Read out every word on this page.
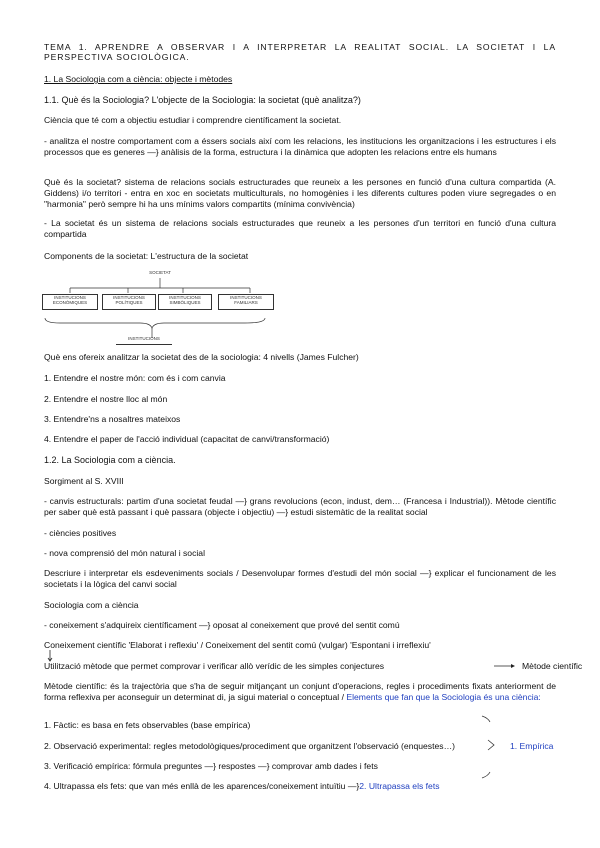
TEMA 1. APRENDRE A OBSERVAR I A INTERPRETAR LA REALITAT SOCIAL. LA SOCIETAT I LA PERSPECTIVA SOCIOLÒGICA.
1. La Sociologia com a ciència: objecte i mètodes
1.1. Què és la Sociologia? L'objecte de la Sociologia: la societat (què analitza?)
Ciència que té com a objectiu estudiar i comprendre científicament la societat.
- analitza el nostre comportament com a éssers socials així com les relacions, les institucions les organitzacions i les estructures i els processos que es generes —} anàlisis de la forma, estructura i la dinàmica que adopten les relacions entre els humans
Què és la societat? sistema de relacions socials estructurades que reuneix a les persones en funció d'una cultura compartida (A. Giddens) i/o territori - entra en xoc en societats multiculturals, no homogènies i les diferents cultures poden viure segregades o en "harmonia" però sempre hi ha uns mínims valors compartits (mínima convivència)
- La societat és un sistema de relacions socials estructurades que reuneix a les persones d'un territori en funció d'una cultura compartida
Components de la societat: L'estructura de la societat
SOCIETAT
INSTITUCIONS ECONÒMIQUES
INSTITUCIONS POLÍTIQUES
INSTITUCIONS SIMBÒLIQUES
INSTITUCIONS FAMILIARS
INSTITUCIONS
Què ens ofereix analitzar la societat des de la sociologia: 4 nivells (James Fulcher)
1. Entendre el nostre món: com és i com canvia
2. Entendre el nostre lloc al món
3. Entendre'ns a nosaltres mateixos
4. Entendre el paper de l'acció individual (capacitat de canvi/transformació)
1.2. La Sociologia com a ciència.
Sorgiment al S. XVIII
- canvis estructurals: partim d'una societat feudal —} grans revolucions (econ, indust, dem… (Francesa i Industrial)). Mètode científic per saber què està passant i què passara (objecte i objectiu) —} estudi sistemàtic de la realitat social
- ciències positives
- nova comprensió del món natural i social
Descriure i interpretar els esdeveniments socials / Desenvolupar formes d'estudi del món social —} explicar el funcionament de les societats i la lògica del canvi social
Sociologia com a ciència
- coneixement s'adquireix científicament —} oposat al coneixement que prové del sentit comú
Coneixement científic 'Elaborat i reflexiu' / Coneixement del sentit comú (vulgar) 'Espontani i irreflexiu'
Utilització mètode que permet comprovar i verificar allò verídic de les simples conjectures	Mètode científic
Mètode científic: és la trajectòria que s'ha de seguir mitjançant un conjunt d'operacions, regles i procediments fixats anteriorment de forma reflexiva per aconseguir un determinat di, ja sigui material o conceptual / Elements que fan que la Sociologia és una ciència:
1. Fàctic: es basa en fets observables (base empírica)
2. Observació experimental: regles metodològiques/procediment que organitzent l'observació (enquestes…)
3. Verificació empírica: fórmula preguntes —} respostes —} comprovar amb dades i fets
4. Ultrapassa els fets: que van més enllà de les aparences/coneixement intuïtiu —}2. Ultrapassa els fets
1. Empírica
